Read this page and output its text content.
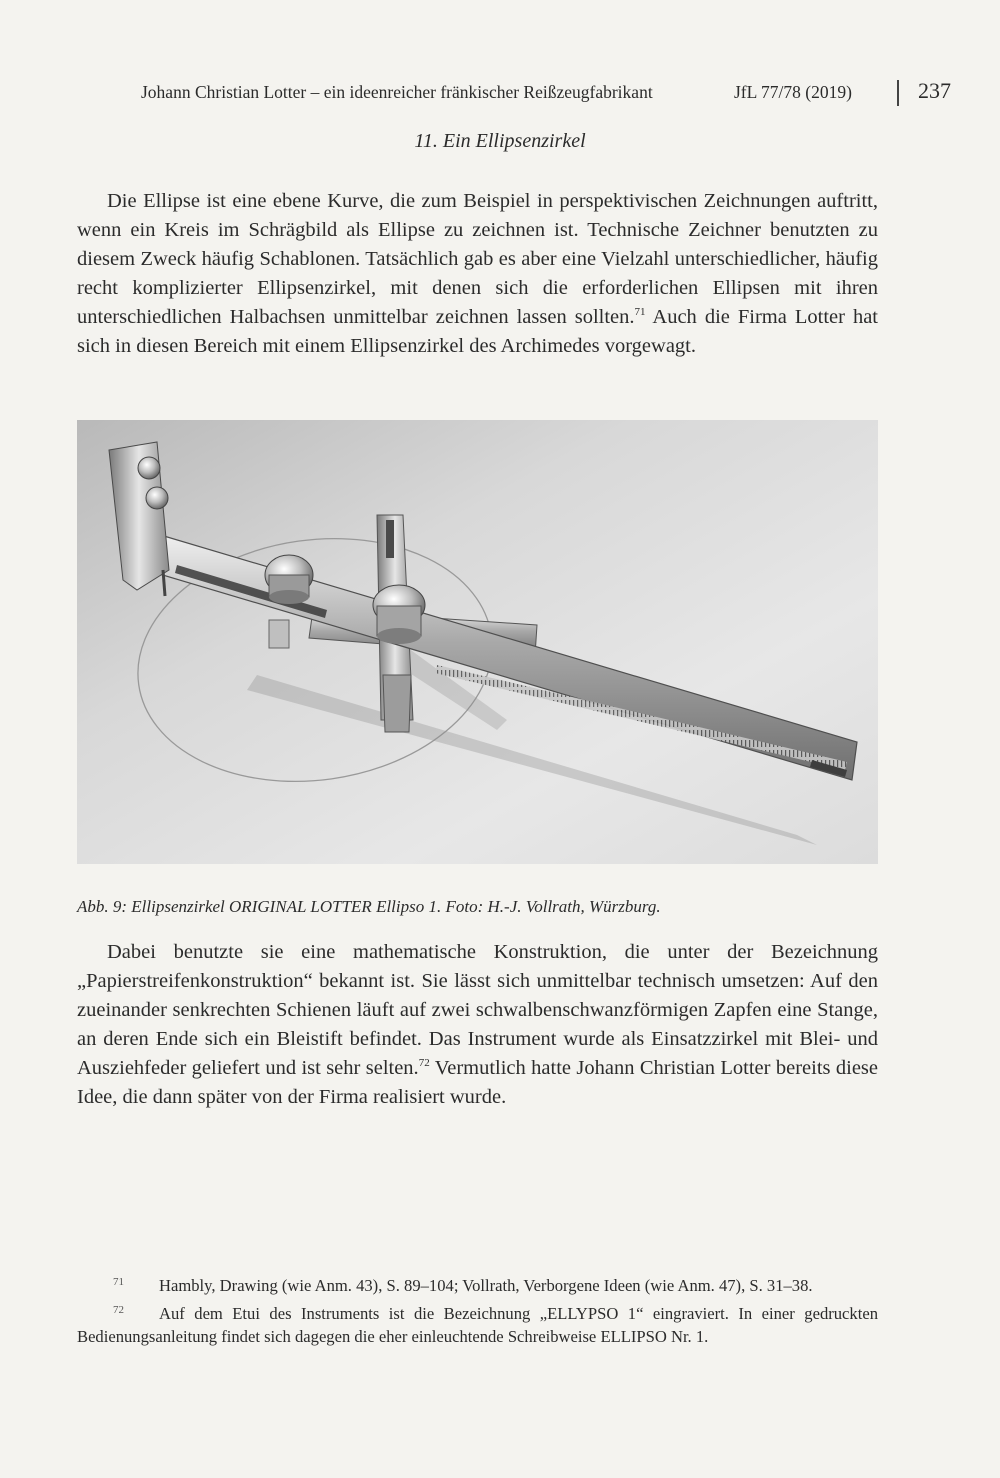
Johann Christian Lotter – ein ideenreicher fränkischer Reißzeugfabrikant	JfL 77/78 (2019)	237
11. Ein Ellipsenzirkel

Die Ellipse ist eine ebene Kurve, die zum Beispiel in perspektivischen Zeichnungen auftritt, wenn ein Kreis im Schrägbild als Ellipse zu zeichnen ist. Technische Zeichner benutzten zu diesem Zweck häufig Schablonen. Tatsächlich gab es aber eine Vielzahl unterschiedlicher, häufig recht komplizierter Ellipsenzirkel, mit denen sich die erforderlichen Ellipsen mit ihren unterschiedlichen Halbachsen unmittelbar zeichnen lassen sollten.$^{71}$ Auch die Firma Lotter hat sich in diesen Bereich mit einem Ellipsenzirkel des Archimedes vorgewagt.

Abb. 9: Ellipsenzirkel ORIGINAL LOTTER Ellipso 1. Foto: H.-J. Vollrath, Würzburg.

Dabei benutzte sie eine mathematische Konstruktion, die unter der Bezeichnung „Papierstreifenkonstruktion“ bekannt ist. Sie lässt sich unmittelbar technisch umsetzen: Auf den zueinander senkrechten Schienen läuft auf zwei schwalbenschwanzförmigen Zapfen eine Stange, an deren Ende sich ein Bleistift befindet. Das Instrument wurde als Einsatzzirkel mit Blei- und Ausziehfeder geliefert und ist sehr selten.$^{72}$ Vermutlich hatte Johann Christian Lotter bereits diese Idee, die dann später von der Firma realisiert wurde.

71 Hambly, Drawing (wie Anm. 43), S. 89–104; Vollrath, Verborgene Ideen (wie Anm. 47), S. 31–38.

72 Auf dem Etui des Instruments ist die Bezeichnung „ELLYPSO 1“ eingraviert. In einer gedruckten Bedienungsanleitung findet sich dagegen die eher einleuchtende Schreibweise ELLIPSO Nr. 1.
